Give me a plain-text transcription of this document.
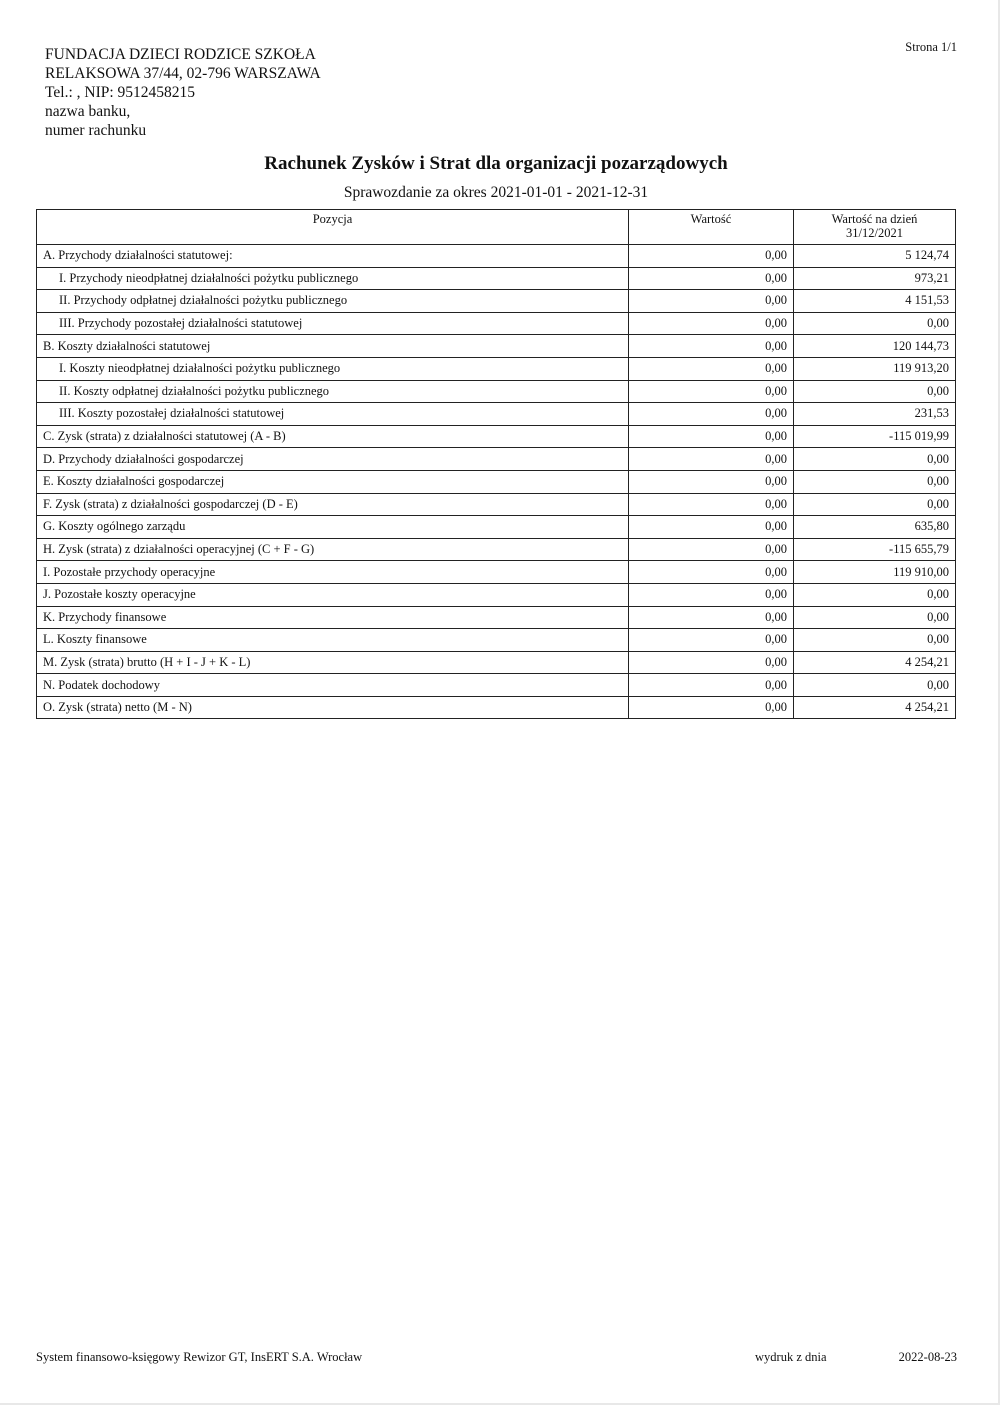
FUNDACJA DZIECI RODZICE SZKOŁA
RELAKSOWA 37/44, 02-796 WARSZAWA
Tel.: , NIP: 9512458215
nazwa banku,
numer rachunku
Strona 1/1
Rachunek Zysków i Strat dla organizacji pozarządowych
Sprawozdanie za okres 2021-01-01 - 2021-12-31
Pozycja	Wartość	Wartość na dzień
31/12/2021

A. Przychody działalności statutowej:	0,00	5 124,74
I. Przychody nieodpłatnej działalności pożytku publicznego	0,00	973,21
II. Przychody odpłatnej działalności pożytku publicznego	0,00	4 151,53
III. Przychody pozostałej działalności statutowej	0,00	0,00
B. Koszty działalności statutowej	0,00	120 144,73
I. Koszty nieodpłatnej działalności pożytku publicznego	0,00	119 913,20
II. Koszty odpłatnej działalności pożytku publicznego	0,00	0,00
III. Koszty pozostałej działalności statutowej	0,00	231,53
C. Zysk (strata) z działalności statutowej (A - B)	0,00	-115 019,99
D. Przychody działalności gospodarczej	0,00	0,00
E. Koszty działalności gospodarczej	0,00	0,00
F. Zysk (strata) z działalności gospodarczej (D - E)	0,00	0,00
G. Koszty ogólnego zarządu	0,00	635,80
H. Zysk (strata) z działalności operacyjnej (C + F - G)	0,00	-115 655,79
I. Pozostałe przychody operacyjne	0,00	119 910,00
J. Pozostałe koszty operacyjne	0,00	0,00
K. Przychody finansowe	0,00	0,00
L. Koszty finansowe	0,00	0,00
M. Zysk (strata) brutto (H + I - J + K - L)	0,00	4 254,21
N. Podatek dochodowy	0,00	0,00
O. Zysk (strata) netto (M - N)	0,00	4 254,21
System finansowo-księgowy Rewizor GT, InsERT S.A. Wrocław	wydruk z dnia	2022-08-23
